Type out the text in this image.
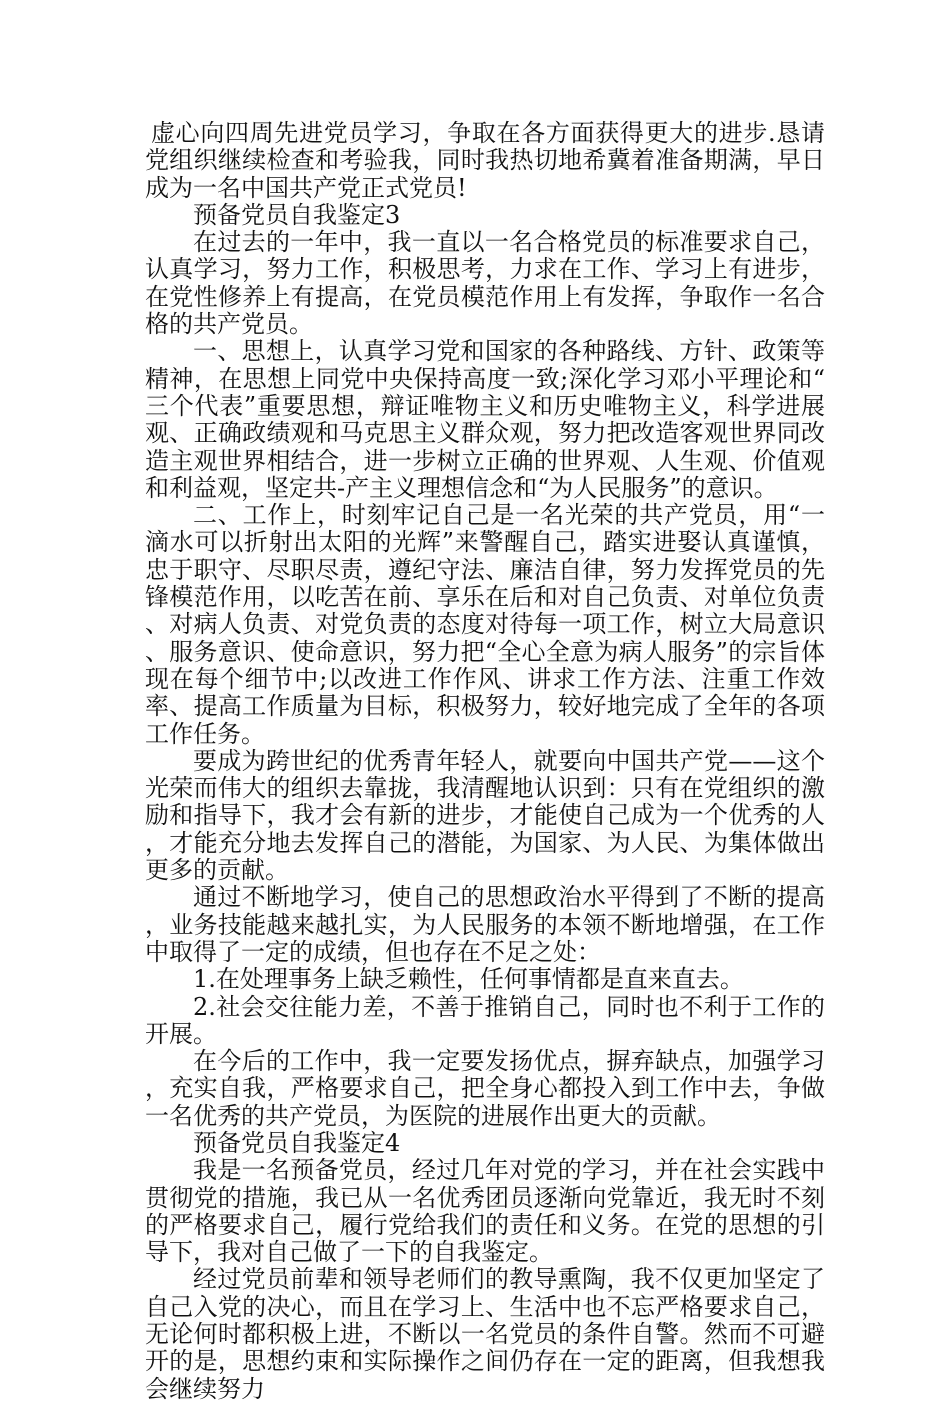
虚心向四周先进党员学习，争取在各方面获得更大的进步.恳请党组织继续检查和考验我，同时我热切地希冀着准备期满，早日成为一名中国共产党正式党员!

预备党员自我鉴定3

在过去的一年中，我一直以一名合格党员的标准要求自己，认真学习，努力工作，积极思考，力求在工作、学习上有进步，在党性修养上有提高，在党员模范作用上有发挥，争取作一名合格的共产党员。

一、思想上，认真学习党和国家的各种路线、方针、政策等精神，在思想上同党中央保持高度一致;深化学习邓小平理论和“三个代表”重要思想，辩证唯物主义和历史唯物主义，科学进展观、正确政绩观和马克思主义群众观，努力把改造客观世界同改造主观世界相结合，进一步树立正确的世界观、人生观、价值观和利益观，坚定共-产主义理想信念和“为人民服务”的意识。

二、工作上，时刻牢记自己是一名光荣的共产党员，用“一滴水可以折射出太阳的光辉”来警醒自己，踏实进娶认真谨慎，忠于职守、尽职尽责，遵纪守法、廉洁自律，努力发挥党员的先锋模范作用，以吃苦在前、享乐在后和对自己负责、对单位负责、对病人负责、对党负责的态度对待每一项工作，树立大局意识、服务意识、使命意识，努力把“全心全意为病人服务”的宗旨体现在每个细节中;以改进工作作风、讲求工作方法、注重工作效率、提高工作质量为目标，积极努力，较好地完成了全年的各项工作任务。

要成为跨世纪的优秀青年轻人，就要向中国共产党——这个光荣而伟大的组织去靠拢，我清醒地认识到：只有在党组织的激励和指导下，我才会有新的进步，才能使自己成为一个优秀的人，才能充分地去发挥自己的潜能，为国家、为人民、为集体做出更多的贡献。

通过不断地学习，使自己的思想政治水平得到了不断的提高，业务技能越来越扎实，为人民服务的本领不断地增强，在工作中取得了一定的成绩，但也存在不足之处：

1.在处理事务上缺乏赖性，任何事情都是直来直去。

2.社会交往能力差，不善于推销自己，同时也不利于工作的开展。

在今后的工作中，我一定要发扬优点，摒弃缺点，加强学习，充实自我，严格要求自己，把全身心都投入到工作中去，争做一名优秀的共产党员，为医院的进展作出更大的贡献。

预备党员自我鉴定4

我是一名预备党员，经过几年对党的学习，并在社会实践中贯彻党的措施，我已从一名优秀团员逐渐向党靠近，我无时不刻的严格要求自己，履行党给我们的责任和义务。在党的思想的引导下，我对自己做了一下的自我鉴定。

经过党员前辈和领导老师们的教导熏陶，我不仅更加坚定了自己入党的决心，而且在学习上、生活中也不忘严格要求自己，无论何时都积极上进，不断以一名党员的条件自警。然而不可避开的是，思想约束和实际操作之间仍存在一定的距离，但我想我会继续努力
